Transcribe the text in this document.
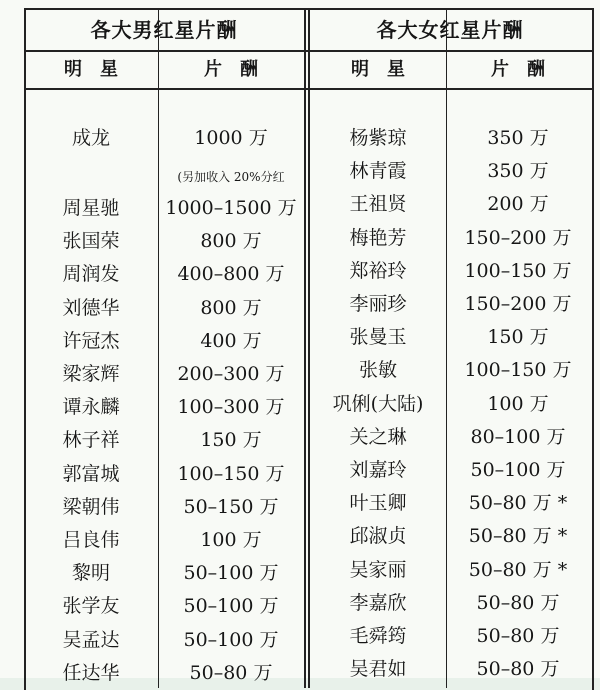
各大男红星片酬	各大女红星片酬
明　星	片　酬	明　星	片　酬
(另加收入 20%分红
成龙	1000 万
周星驰	1000–1500 万
张国荣	800 万
周润发	400–800 万
刘德华	800 万
许冠杰	400 万
梁家辉	200–300 万
谭永麟	100–300 万
林子祥	150 万
郭富城	100–150 万
梁朝伟	50–150 万
吕良伟	100 万
黎明	50–100 万
张学友	50–100 万
吴孟达	50–100 万
任达华	50–80 万
杨紫琼	350 万
林青霞	350 万
王祖贤	200 万
梅艳芳	150–200 万
郑裕玲	100–150 万
李丽珍	150–200 万
张曼玉	150 万
张敏	100–150 万
巩俐(大陆)	100 万
关之琳	80–100 万
刘嘉玲	50–100 万
叶玉卿	50–80 万 *
邱淑贞	50–80 万 *
吴家丽	50–80 万 *
李嘉欣	50–80 万
毛舜筠	50–80 万
吴君如	50–80 万
